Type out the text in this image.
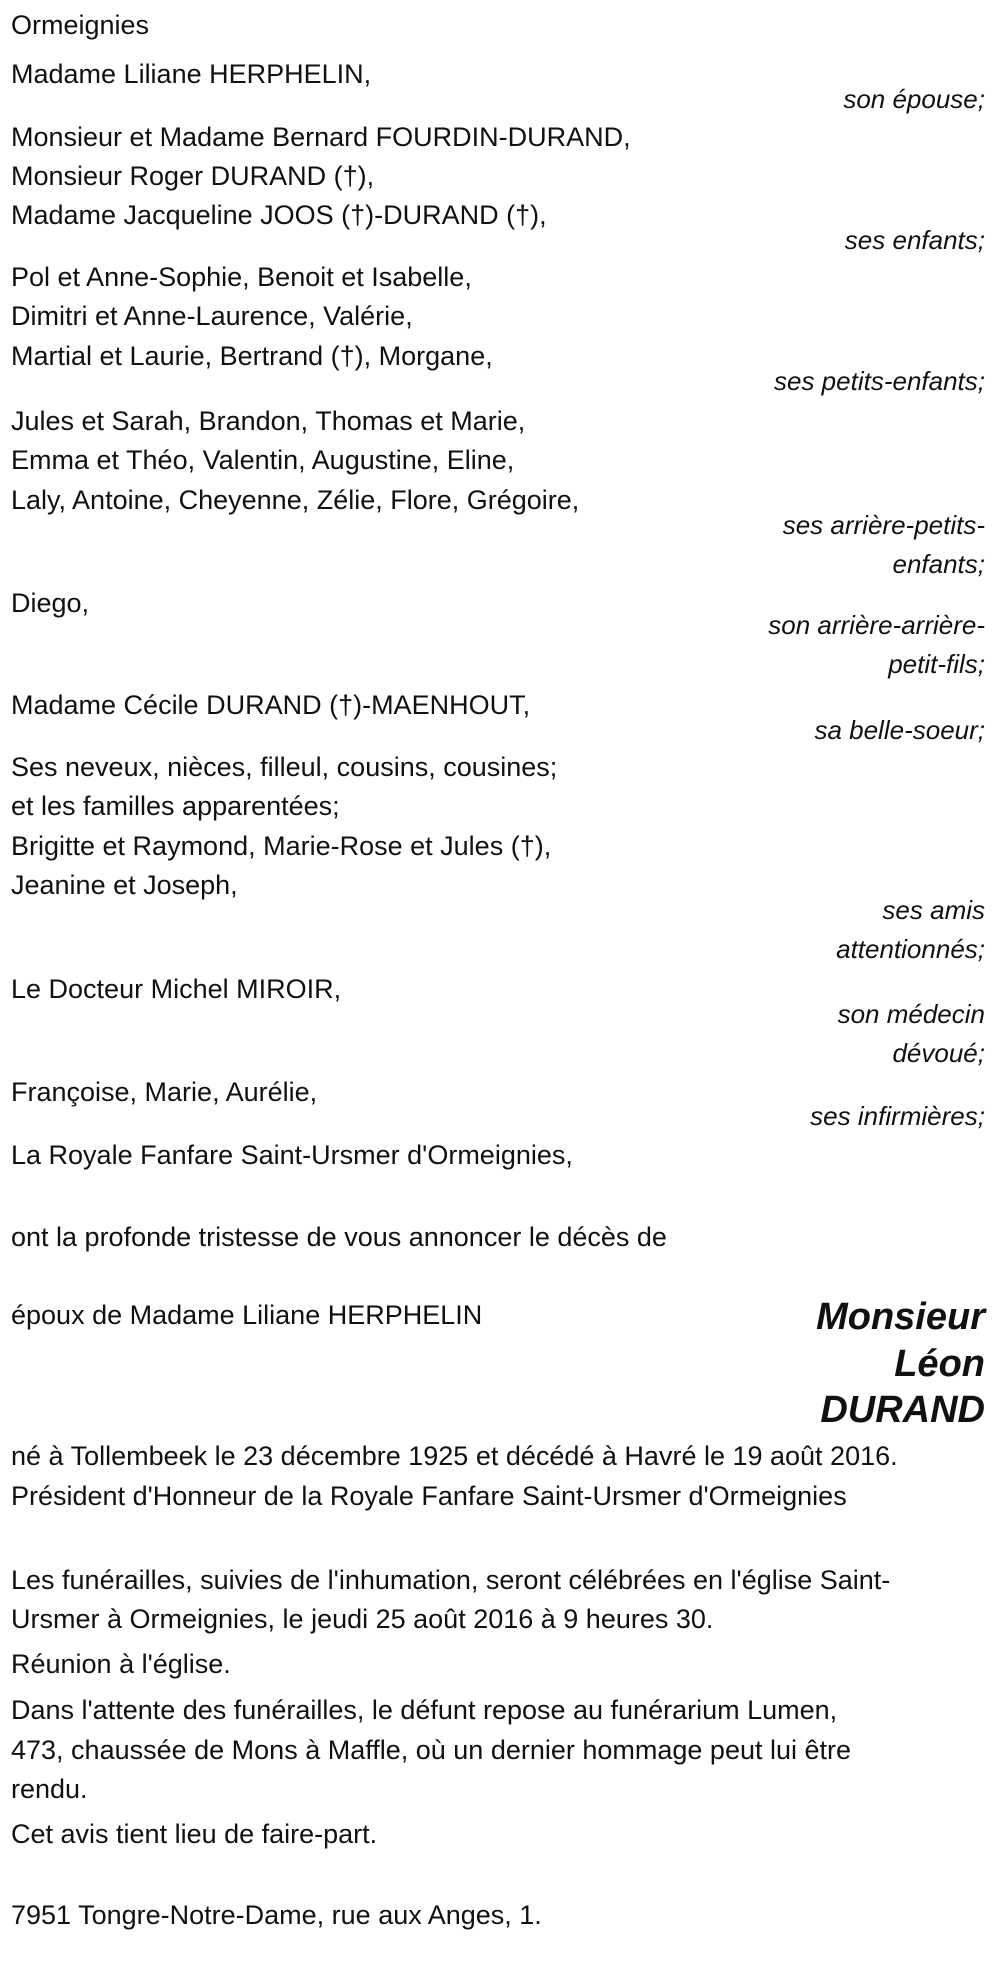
Ormeignies
Madame Liliane HERPHELIN,
son épouse;
Monsieur et Madame Bernard FOURDIN-DURAND,
Monsieur Roger DURAND (†),
Madame Jacqueline JOOS (†)-DURAND (†),
ses enfants;
Pol et Anne-Sophie, Benoit et Isabelle,
Dimitri et Anne-Laurence, Valérie,
Martial et Laurie, Bertrand (†), Morgane,
ses petits-enfants;
Jules et Sarah, Brandon, Thomas et Marie,
Emma et Théo, Valentin, Augustine, Eline,
Laly, Antoine, Cheyenne, Zélie, Flore, Grégoire,
ses arrière-petits-
enfants;
Diego,
son arrière-arrière-
petit-fils;
Madame Cécile DURAND (†)-MAENHOUT,
sa belle-soeur;
Ses neveux, nièces, filleul, cousins, cousines;
et les familles apparentées;
Brigitte et Raymond, Marie-Rose et Jules (†),
Jeanine et Joseph,
ses amis
attentionnés;
Le Docteur Michel MIROIR,
son médecin
dévoué;
Françoise, Marie, Aurélie,
ses infirmières;
La Royale Fanfare Saint-Ursmer d'Ormeignies,
ont la profonde tristesse de vous annoncer le décès de
époux de Madame Liliane HERPHELIN	Monsieur
Léon
DURAND
né à Tollembeek le 23 décembre 1925 et décédé à Havré le 19 août 2016.
Président d'Honneur de la Royale Fanfare Saint-Ursmer d'Ormeignies
Les funérailles, suivies de l'inhumation, seront célébrées en l'église Saint-
Ursmer à Ormeignies, le jeudi 25 août 2016 à 9 heures 30.
Réunion à l'église.
Dans l'attente des funérailles, le défunt repose au funérarium Lumen,
473, chaussée de Mons à Maffle, où un dernier hommage peut lui être
rendu.
Cet avis tient lieu de faire-part.
7951 Tongre-Notre-Dame, rue aux Anges, 1.
